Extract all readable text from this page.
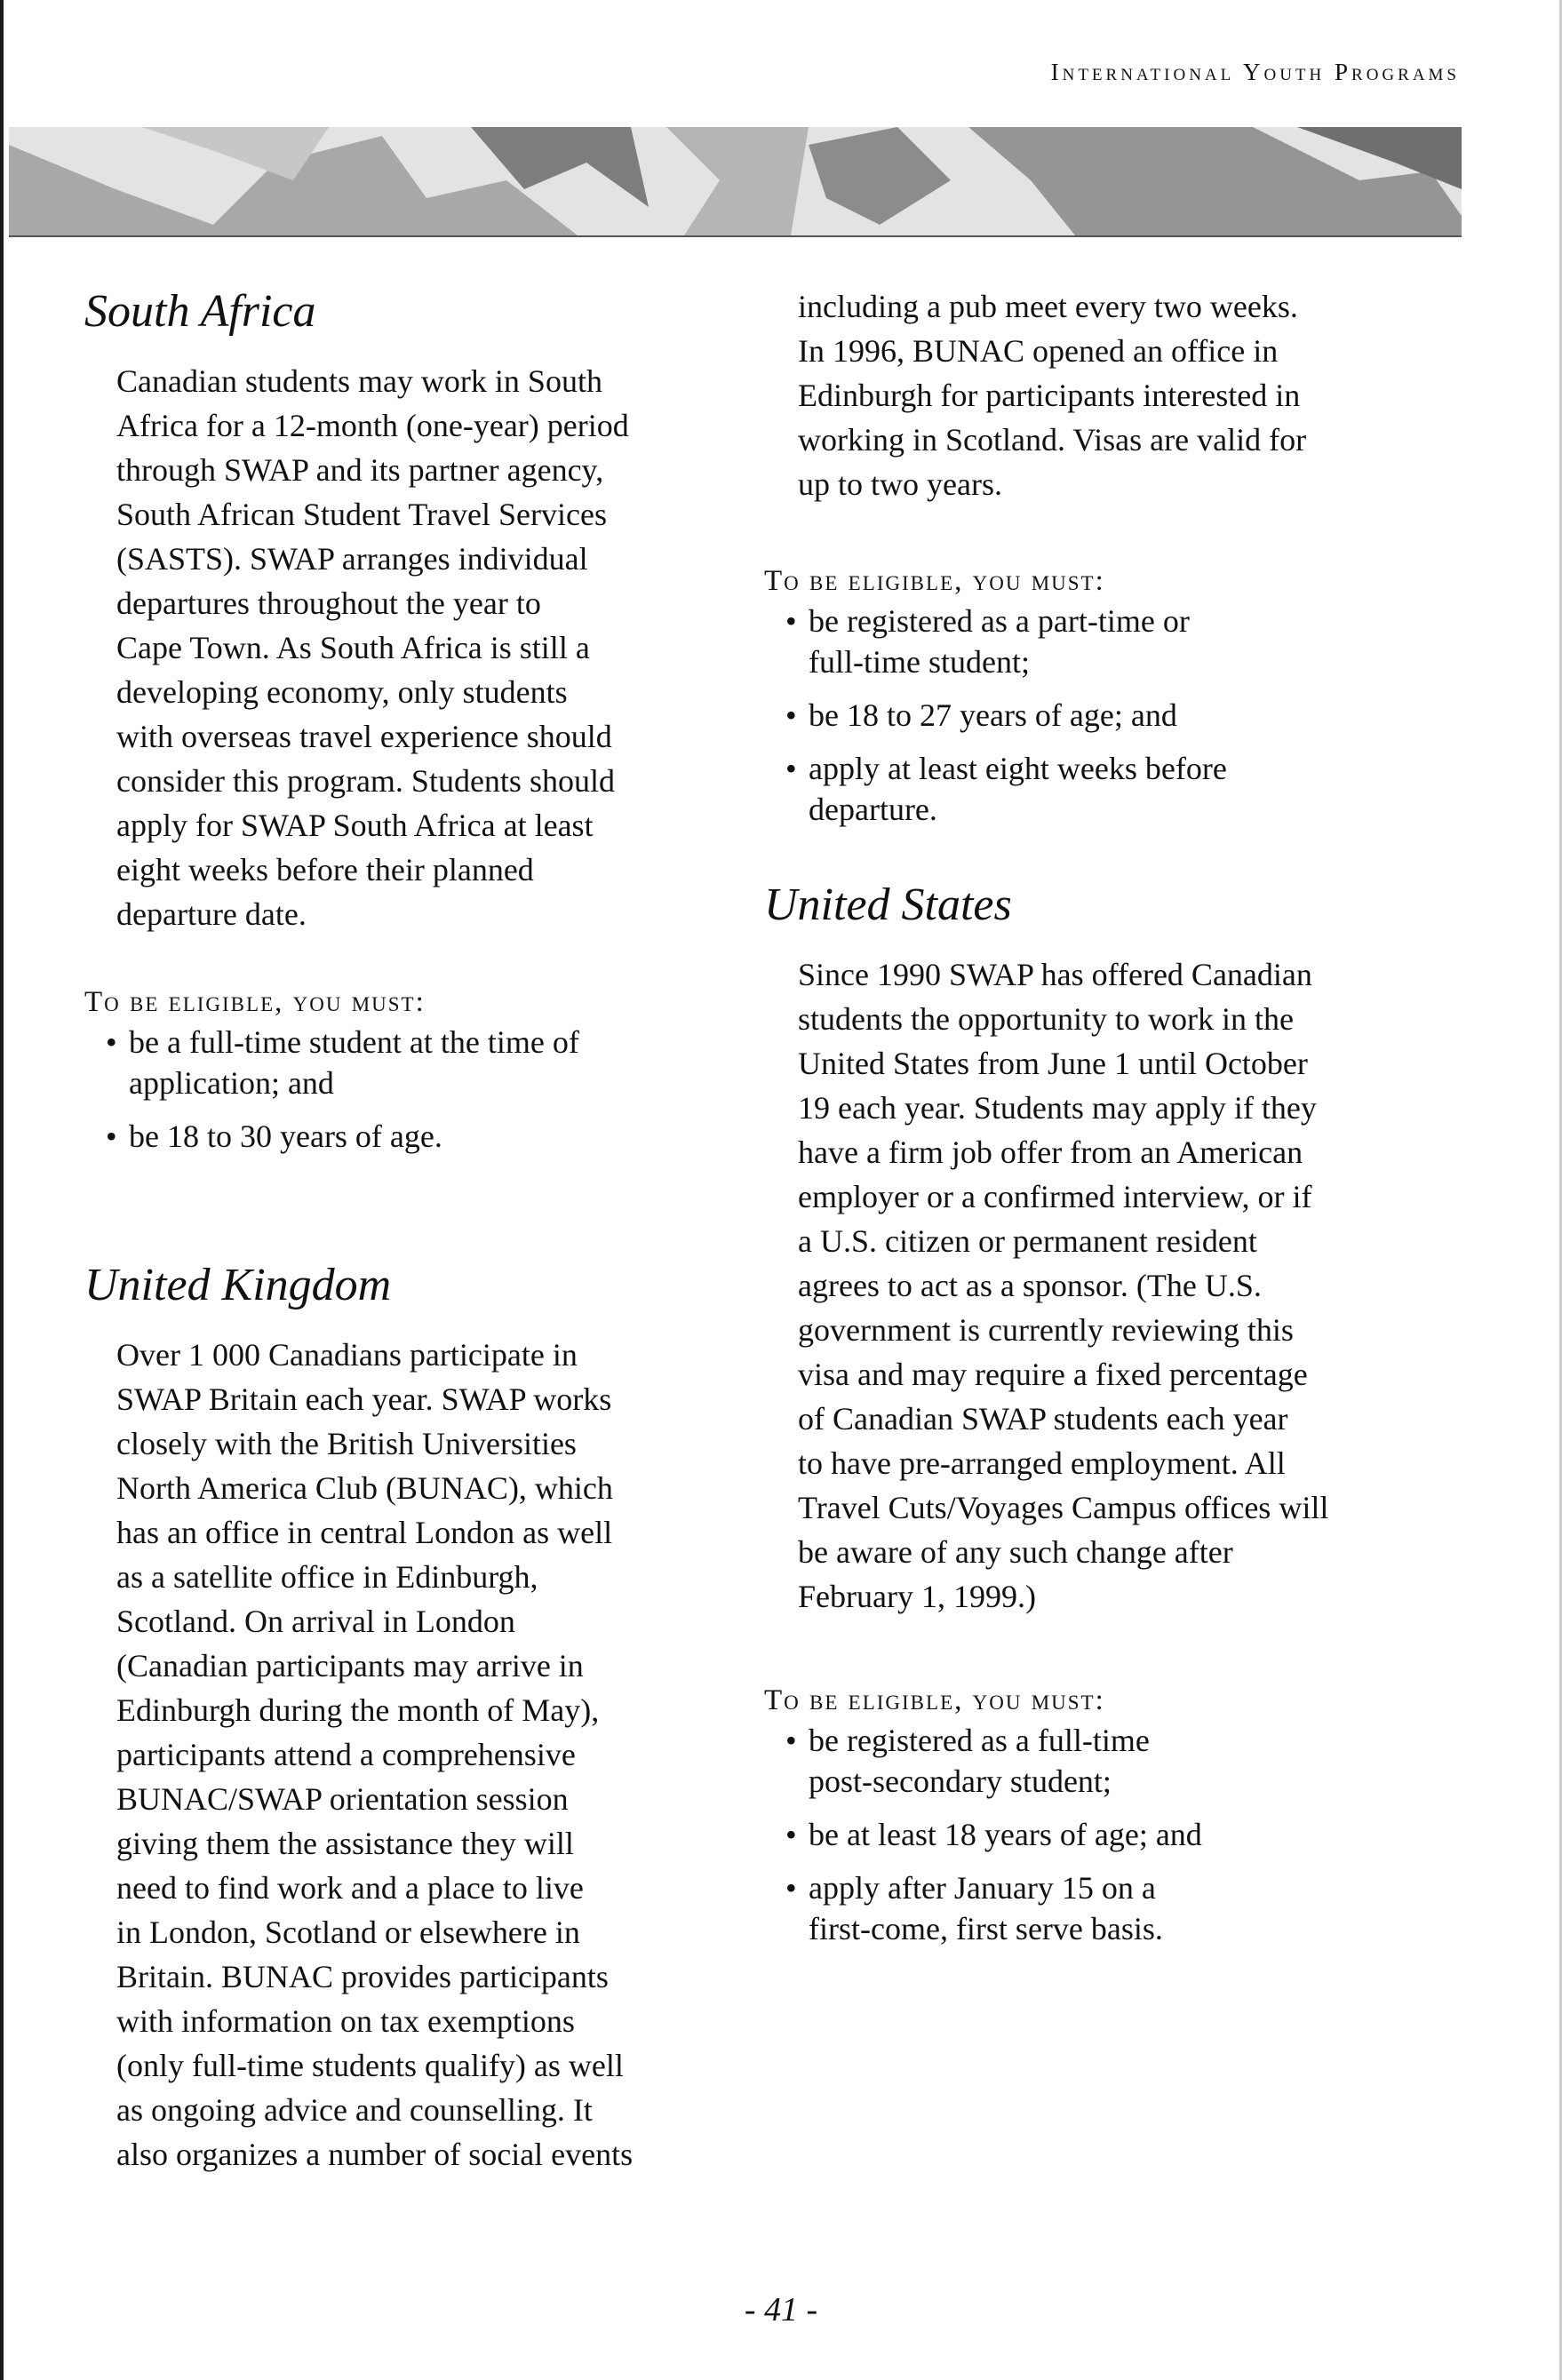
International Youth Programs
South Africa

Canadian students may work in South
Africa for a 12-month (one-year) period
through SWAP and its partner agency,
South African Student Travel Services
(SASTS). SWAP arranges individual
departures throughout the year to
Cape Town. As South Africa is still a
developing economy, only students
with overseas travel experience should
consider this program. Students should
apply for SWAP South Africa at least
eight weeks before their planned
departure date.

To be eligible, you must:

• be a full-time student at the time of
application; and
• be 18 to 30 years of age.
United Kingdom

Over 1 000 Canadians participate in
SWAP Britain each year. SWAP works
closely with the British Universities
North America Club (BUNAC), which
has an office in central London as well
as a satellite office in Edinburgh,
Scotland. On arrival in London
(Canadian participants may arrive in
Edinburgh during the month of May),
participants attend a comprehensive
BUNAC/SWAP orientation session
giving them the assistance they will
need to find work and a place to live
in London, Scotland or elsewhere in
Britain. BUNAC provides participants
with information on tax exemptions
(only full-time students qualify) as well
as ongoing advice and counselling. It
also organizes a number of social events

including a pub meet every two weeks.
In 1996, BUNAC opened an office in
Edinburgh for participants interested in
working in Scotland. Visas are valid for
up to two years.

To be eligible, you must:

• be registered as a part-time or
full-time student;
• be 18 to 27 years of age; and
• apply at least eight weeks before
departure.
United States

Since 1990 SWAP has offered Canadian
students the opportunity to work in the
United States from June 1 until October
19 each year. Students may apply if they
have a firm job offer from an American
employer or a confirmed interview, or if
a U.S. citizen or permanent resident
agrees to act as a sponsor. (The U.S.
government is currently reviewing this
visa and may require a fixed percentage
of Canadian SWAP students each year
to have pre-arranged employment. All
Travel Cuts/Voyages Campus offices will
be aware of any such change after
February 1, 1999.)

To be eligible, you must:

• be registered as a full-time
post-secondary student;
• be at least 18 years of age; and
• apply after January 15 on a
first-come, first serve basis.
- 41 -
